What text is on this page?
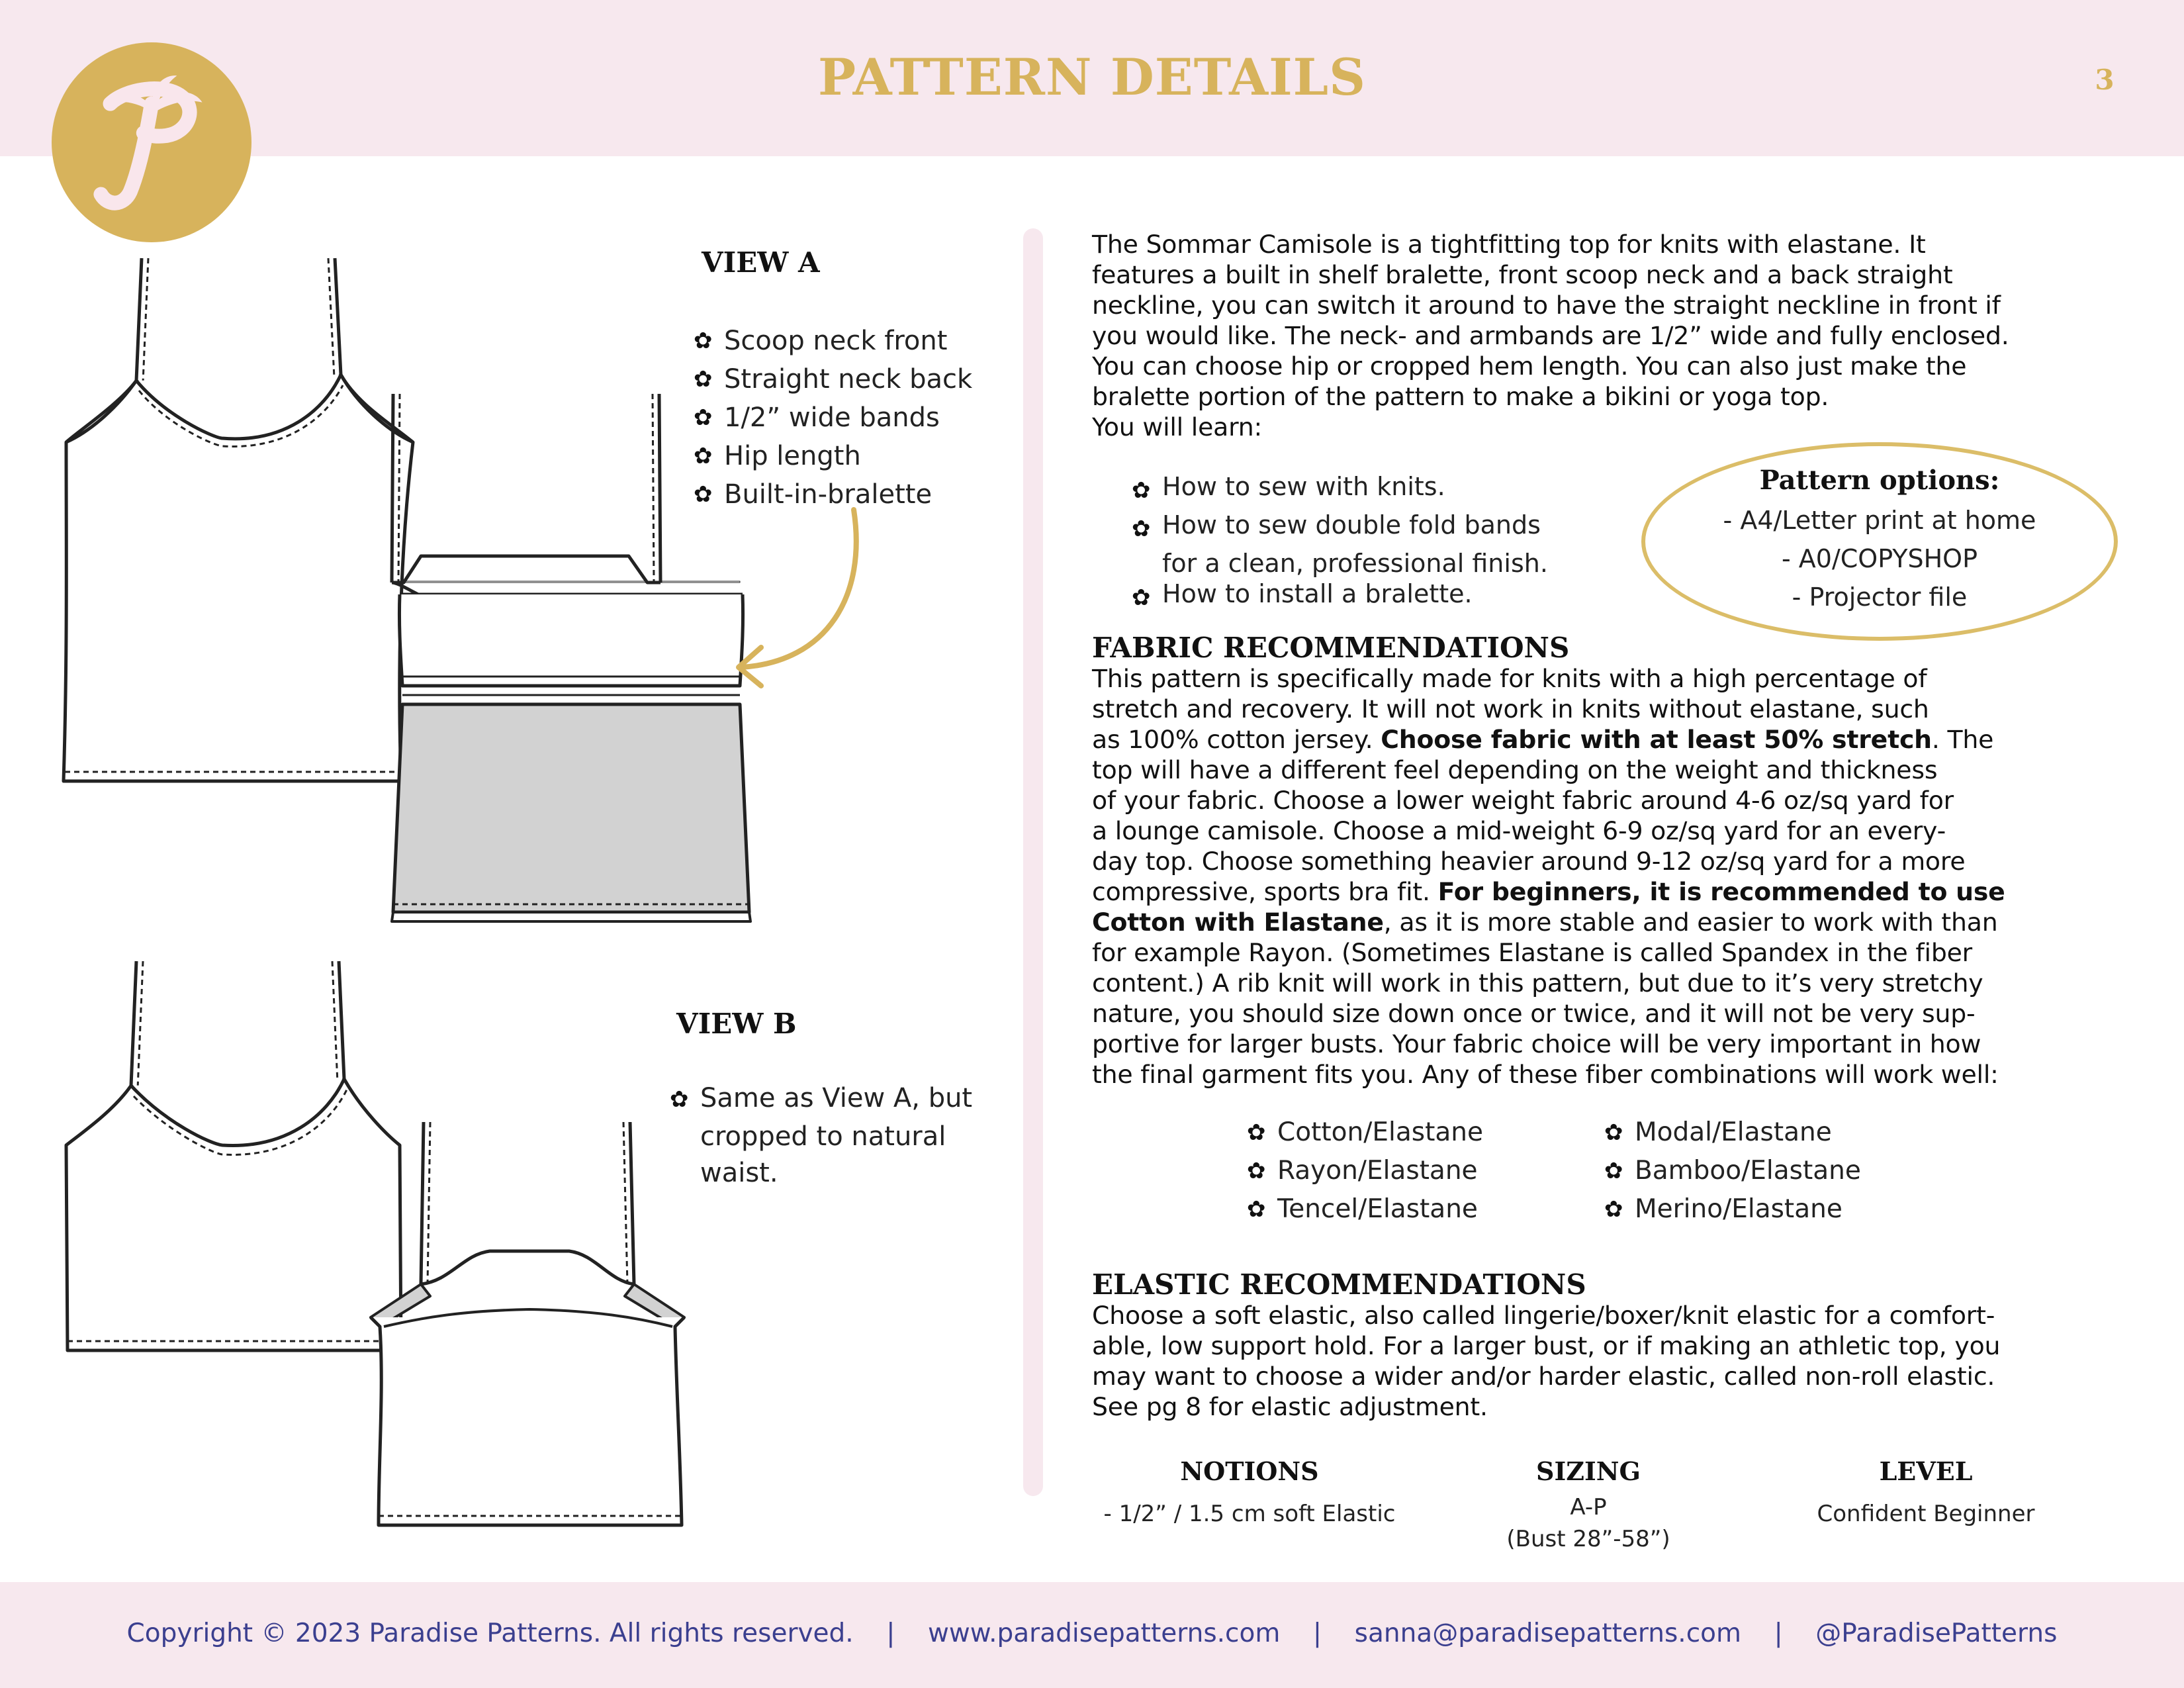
PATTERN DETAILS	3
VIEW A
✿ Scoop neck front
✿ Straight neck back
✿ 1/2” wide bands
✿ Hip length
✿ Built-in-bralette
VIEW B
✿ Same as View A, but
cropped to natural
waist.
The Sommar Camisole is a tightfitting top for knits with elastane. It
features a built in shelf bralette, front scoop neck and a back straight
neckline, you can switch it around to have the straight neckline in front if
you would like. The neck- and armbands are 1/2” wide and fully enclosed.
You can choose hip or cropped hem length. You can also just make the
bralette portion of the pattern to make a bikini or yoga top.
You will learn:
✿ How to sew with knits.
✿ How to sew double fold bands
for a clean, professional finish.
✿ How to install a bralette.
Pattern options:
- A4/Letter print at home
- A0/COPYSHOP
- Projector file
FABRIC RECOMMENDATIONS
This pattern is specifically made for knits with a high percentage of
stretch and recovery. It will not work in knits without elastane, such
as 100% cotton jersey. Choose fabric with at least 50% stretch. The
top will have a different feel depending on the weight and thickness
of your fabric. Choose a lower weight fabric around 4-6 oz/sq yard for
a lounge camisole. Choose a mid-weight 6-9 oz/sq yard for an every-
day top. Choose something heavier around 9-12 oz/sq yard for a more
compressive, sports bra fit. For beginners, it is recommended to use
Cotton with Elastane, as it is more stable and easier to work with than
for example Rayon. (Sometimes Elastane is called Spandex in the fiber
content.) A rib knit will work in this pattern, but due to it’s very stretchy
nature, you should size down once or twice, and it will not be very sup-
portive for larger busts. Your fabric choice will be very important in how
the final garment fits you. Any of these fiber combinations will work well:
✿ Cotton/Elastane
✿ Rayon/Elastane
✿ Tencel/Elastane
✿ Modal/Elastane
✿ Bamboo/Elastane
✿ Merino/Elastane
ELASTIC RECOMMENDATIONS
Choose a soft elastic, also called lingerie/boxer/knit elastic for a comfort-
able, low support hold. For a larger bust, or if making an athletic top, you
may want to choose a wider and/or harder elastic, called non-roll elastic.
See pg 8 for elastic adjustment.
NOTIONS
- 1/2” / 1.5 cm soft Elastic
SIZING
A-P
(Bust 28”-58”)
LEVEL
Confident Beginner
Copyright © 2023 Paradise Patterns. All rights reserved.    |    www.paradisepatterns.com    |    sanna@paradisepatterns.com    |    @ParadisePatterns
